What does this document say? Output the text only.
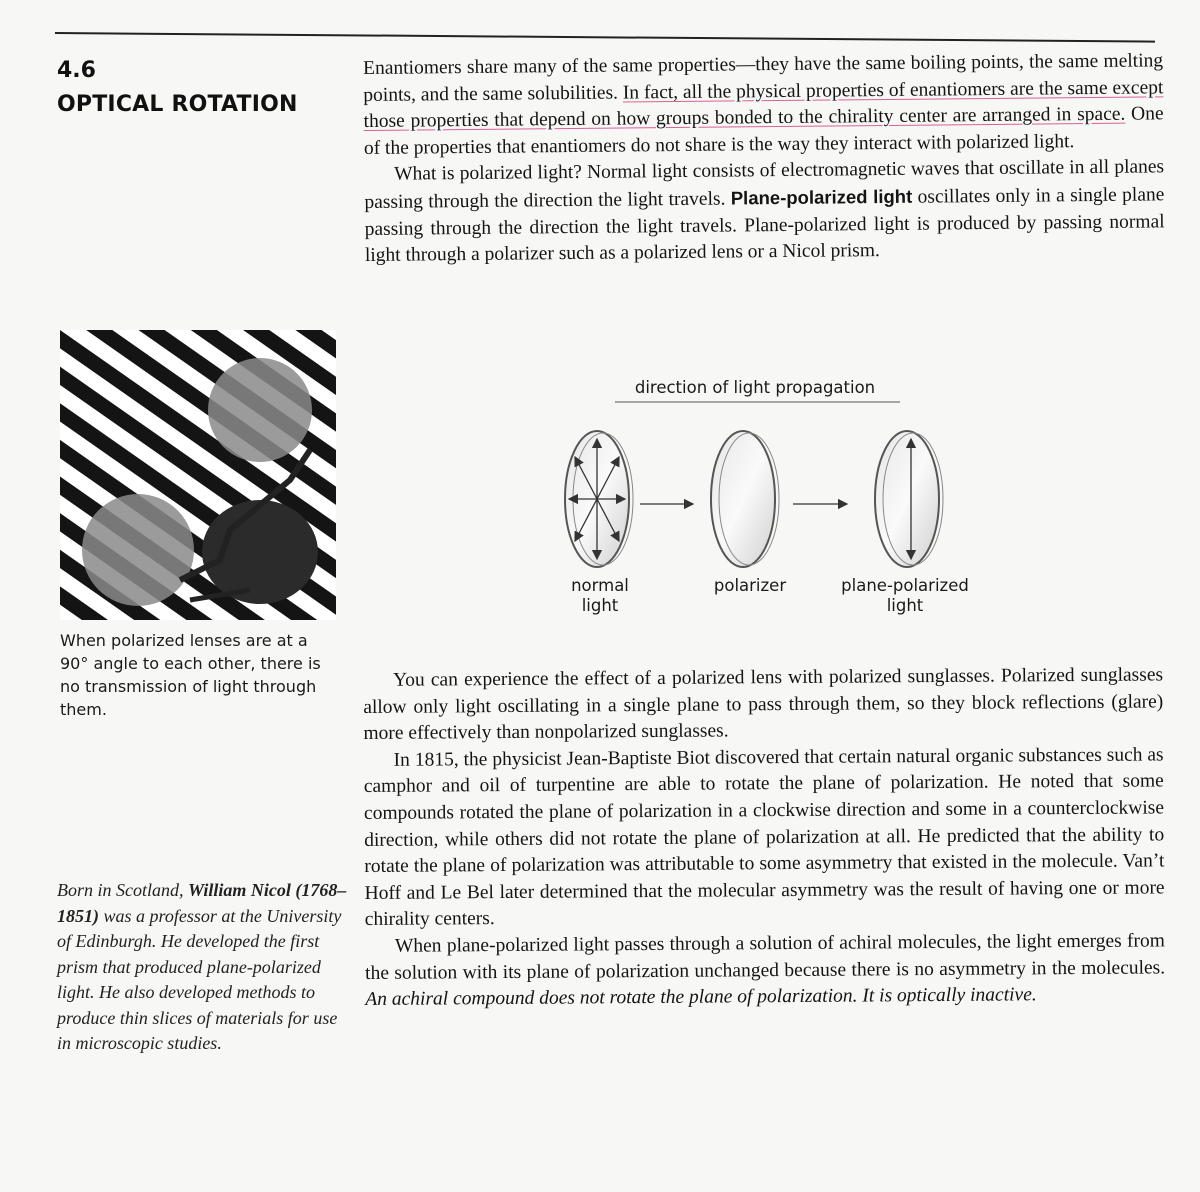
4.6
OPTICAL ROTATION

Enantiomers share many of the same properties—they have the same boiling points, the same melting points, and the same solubilities. In fact, all the physical properties of enantiomers are the same except those properties that depend on how groups bonded to the chirality center are arranged in space. One of the properties that enantiomers do not share is the way they interact with polarized light.

What is polarized light? Normal light consists of electromagnetic waves that oscillate in all planes passing through the direction the light travels. Plane-polarized light oscillates only in a single plane passing through the direction the light travels. Plane-polarized light is produced by passing normal light through a polarizer such as a polarized lens or a Nicol prism.

When polarized lenses are at a 90° angle to each other, there is no transmission of light through them.
direction of light propagation
normal
light
polarizer	plane-polarized
light

You can experience the effect of a polarized lens with polarized sunglasses. Polarized sunglasses allow only light oscillating in a single plane to pass through them, so they block reflections (glare) more effectively than nonpolarized sunglasses.

In 1815, the physicist Jean-Baptiste Biot discovered that certain natural organic substances such as camphor and oil of turpentine are able to rotate the plane of polarization. He noted that some compounds rotated the plane of polarization in a clockwise direction and some in a counterclockwise direction, while others did not rotate the plane of polarization at all. He predicted that the ability to rotate the plane of polarization was attributable to some asymmetry that existed in the molecule. Van’t Hoff and Le Bel later determined that the molecular asymmetry was the result of having one or more chirality centers.

When plane-polarized light passes through a solution of achiral molecules, the light emerges from the solution with its plane of polarization unchanged because there is no asymmetry in the molecules. An achiral compound does not rotate the plane of polarization. It is optically inactive.

Born in Scotland, William Nicol (1768–1851) was a professor at the University of Edinburgh. He developed the first prism that produced plane-polarized light. He also developed methods to produce thin slices of materials for use in microscopic studies.
